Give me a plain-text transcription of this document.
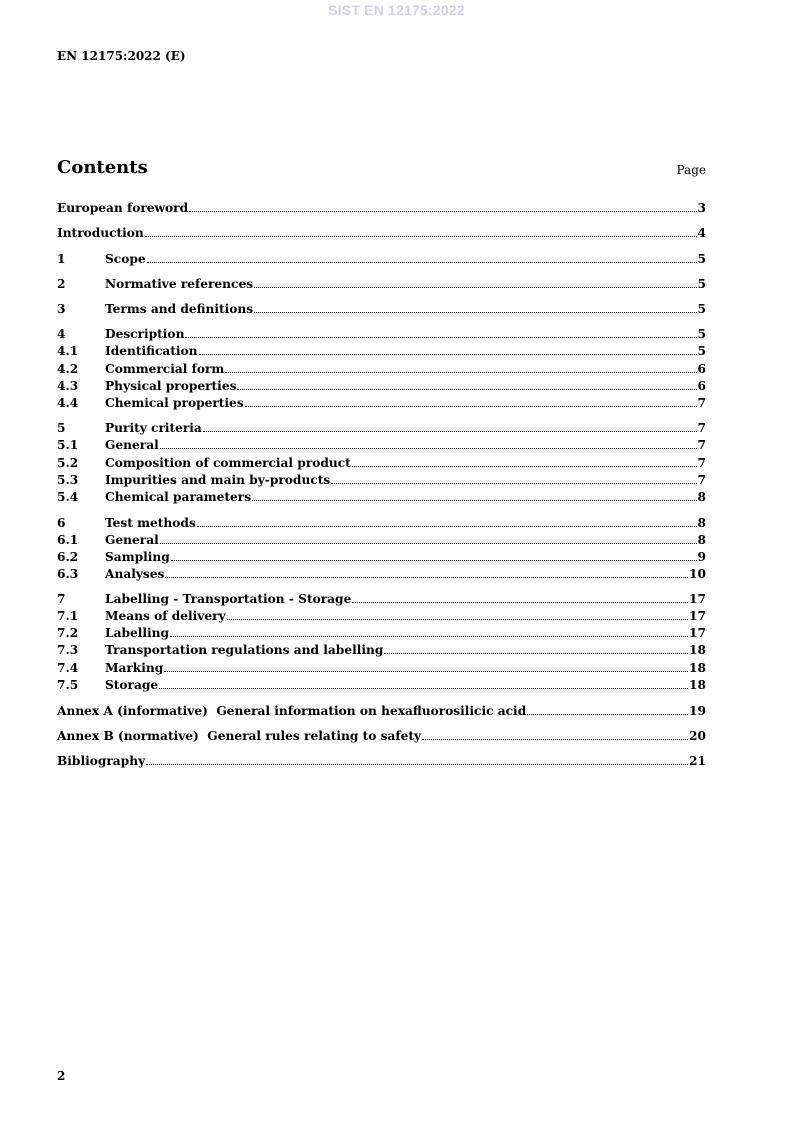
SIST EN 12175:2022
EN 12175:2022 (E)
Contents	Page
European foreword	3
Introduction	4
1	Scope	5
2	Normative references	5
3	Terms and definitions	5
4	Description	5
4.1	Identification	5
4.2	Commercial form	6
4.3	Physical properties	6
4.4	Chemical properties	7
5	Purity criteria	7
5.1	General	7
5.2	Composition of commercial product	7
5.3	Impurities and main by-products	7
5.4	Chemical parameters	8
6	Test methods	8
6.1	General	8
6.2	Sampling	9
6.3	Analyses	10
7	Labelling - Transportation - Storage	17
7.1	Means of delivery	17
7.2	Labelling	17
7.3	Transportation regulations and labelling	18
7.4	Marking	18
7.5	Storage	18
Annex A (informative)  General information on hexafluorosilicic acid	19
Annex B (normative)  General rules relating to safety	20
Bibliography	21
2
